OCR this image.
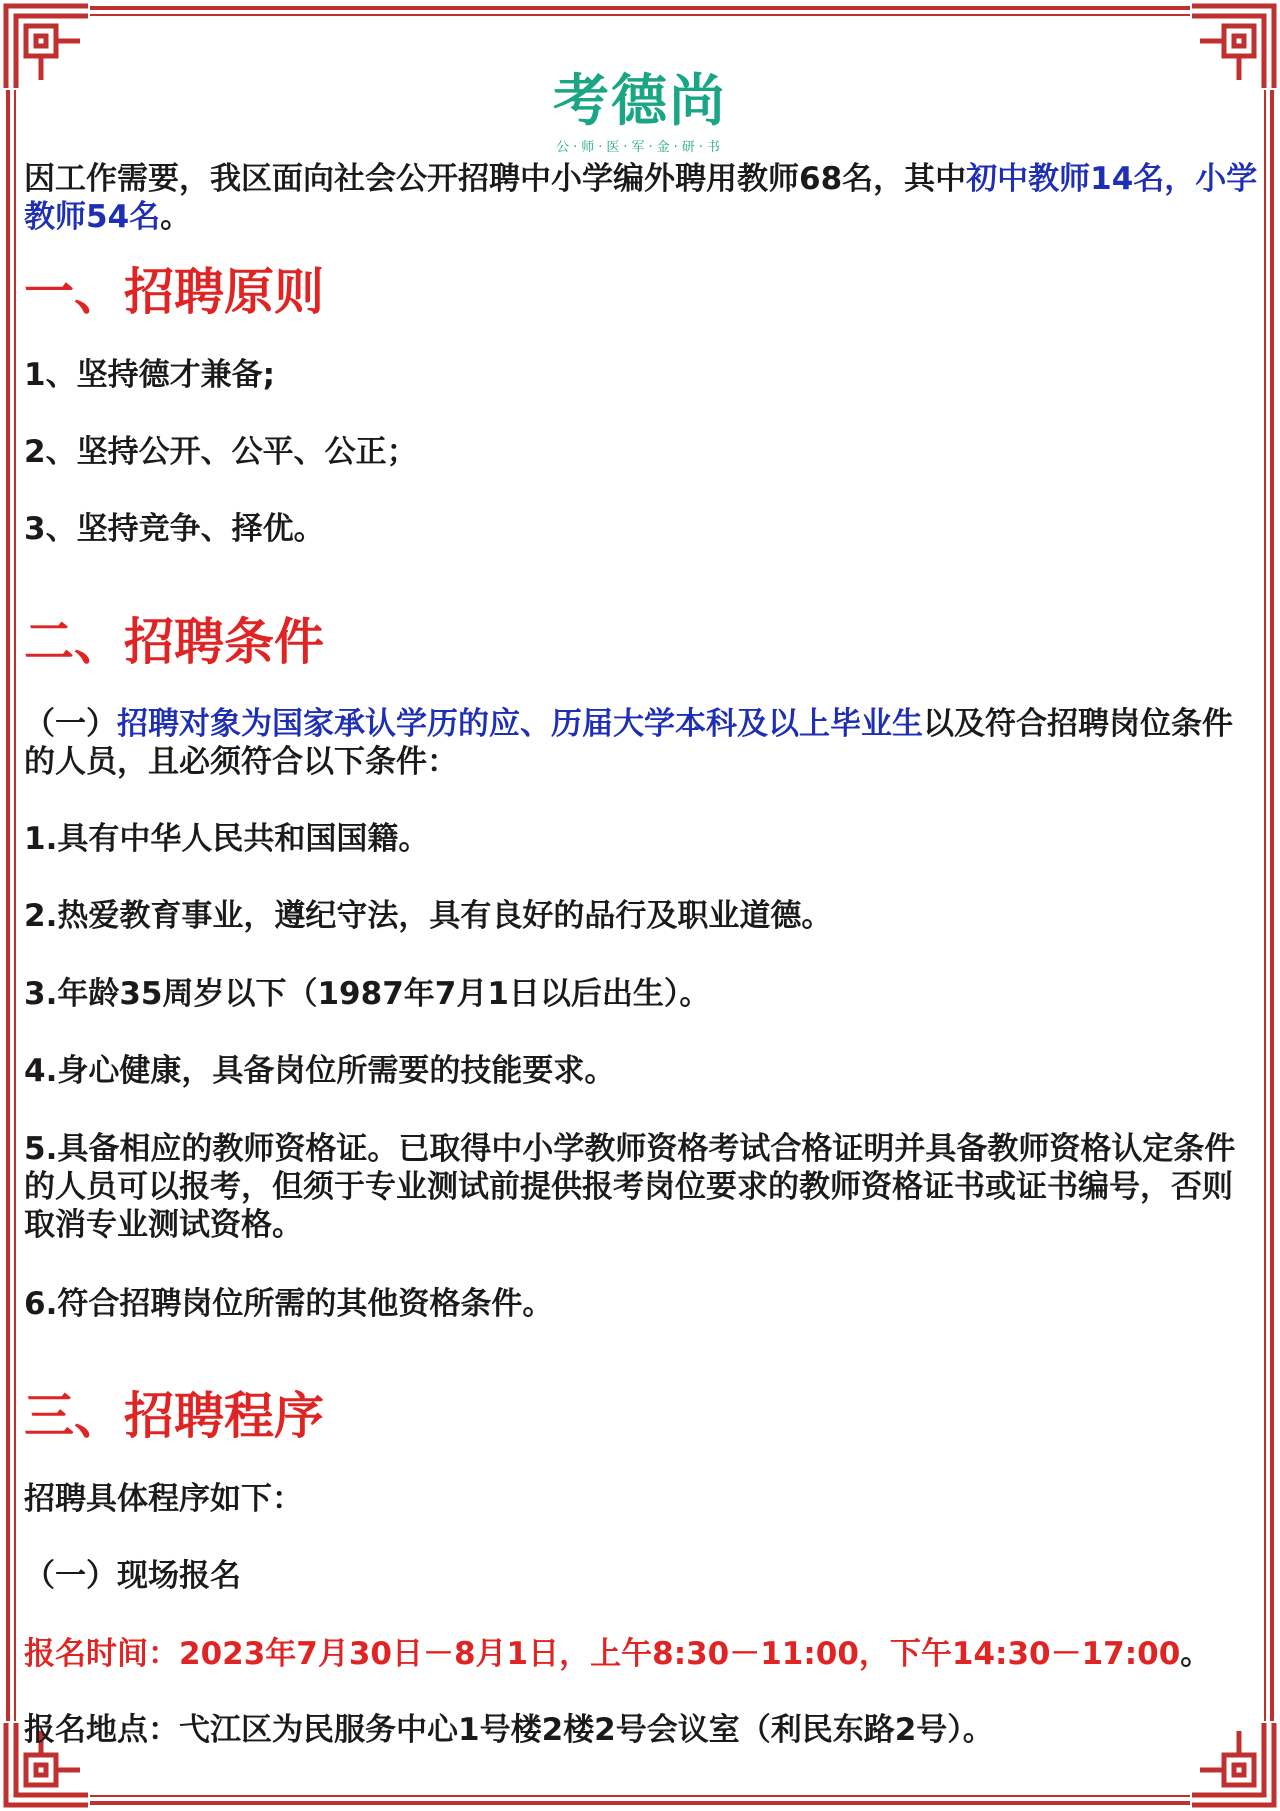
考德尚
公·师·医·军·金·研·书

因工作需要，我区面向社会公开招聘中小学编外聘用教师68名，其中初中教师14名，小学教师54名。

一、招聘原则

1、坚持德才兼备;

2、坚持公开、公平、公正；

3、坚持竞争、择优。

二、招聘条件

（一）招聘对象为国家承认学历的应、历届大学本科及以上毕业生以及符合招聘岗位条件的人员，且必须符合以下条件：

1.具有中华人民共和国国籍。

2.热爱教育事业，遵纪守法，具有良好的品行及职业道德。

3.年龄35周岁以下（1987年7月1日以后出生）。

4.身心健康，具备岗位所需要的技能要求。

5.具备相应的教师资格证。已取得中小学教师资格考试合格证明并具备教师资格认定条件的人员可以报考，但须于专业测试前提供报考岗位要求的教师资格证书或证书编号，否则取消专业测试资格。

6.符合招聘岗位所需的其他资格条件。

三、招聘程序

招聘具体程序如下：

（一）现场报名

报名时间：2023年7月30日－8月1日，上午8:30－11:00，下午14:30－17:00。

报名地点：弋江区为民服务中心1号楼2楼2号会议室（利民东路2号）。
